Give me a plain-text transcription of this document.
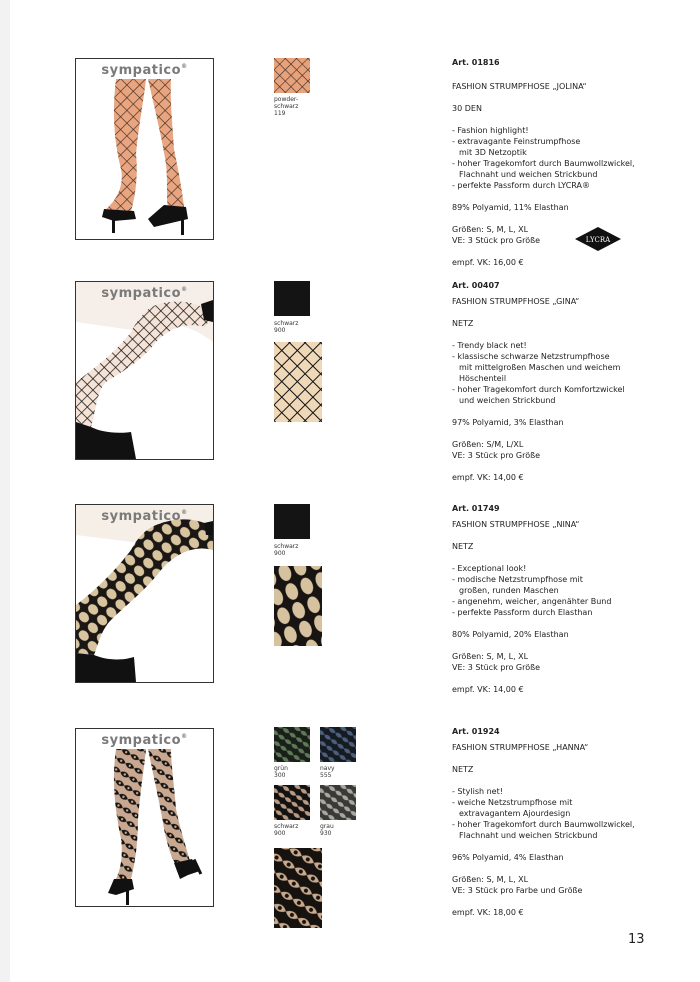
sympatico®
powder-
schwarz
119

Art. 01816

FASHION STRUMPFHOSE „JOLINA“

30 DEN

- Fashion highlight!
- extravagante Feinstrumpfhose
mit 3D Netzoptik
- hoher Tragekomfort durch Baumwollzwickel,
Flachnaht und weichen Strickbund
- perfekte Passform durch LYCRA®

89% Polyamid, 11% Elasthan

Größen: S, M, L, XL

VE: 3 Stück pro Größe

empf. VK: 16,00 €

LYCRA
sympatico®
schwarz
900

Art. 00407

FASHION STRUMPFHOSE „GINA“

NETZ

- Trendy black net!
- klassische schwarze Netzstrumpfhose
mit mittelgroßen Maschen und weichem
Höschenteil
- hoher Tragekomfort durch Komfortzwickel
und weichen Strickbund

97% Polyamid, 3% Elasthan

Größen: S/M, L/XL

VE: 3 Stück pro Größe

empf. VK: 14,00 €

sympatico®
schwarz
900

Art. 01749

FASHION STRUMPFHOSE „NINA“

NETZ

- Exceptional look!
- modische Netzstrumpfhose mit
großen, runden Maschen
- angenehm, weicher, angenähter Bund
- perfekte Passform durch Elasthan

80% Polyamid, 20% Elasthan

Größen: S, M, L, XL

VE: 3 Stück pro Größe

empf. VK: 14,00 €

sympatico®
grün
300
navy
555
schwarz
900
grau
930

Art. 01924

FASHION STRUMPFHOSE „HANNA“

NETZ

- Stylish net!
- weiche Netzstrumpfhose mit
extravagantem Ajourdesign
- hoher Tragekomfort durch Baumwollzwickel,
Flachnaht und weichen Strickbund

96% Polyamid, 4% Elasthan

Größen: S, M, L, XL

VE: 3 Stück pro Farbe und Größe

empf. VK: 18,00 €

13
